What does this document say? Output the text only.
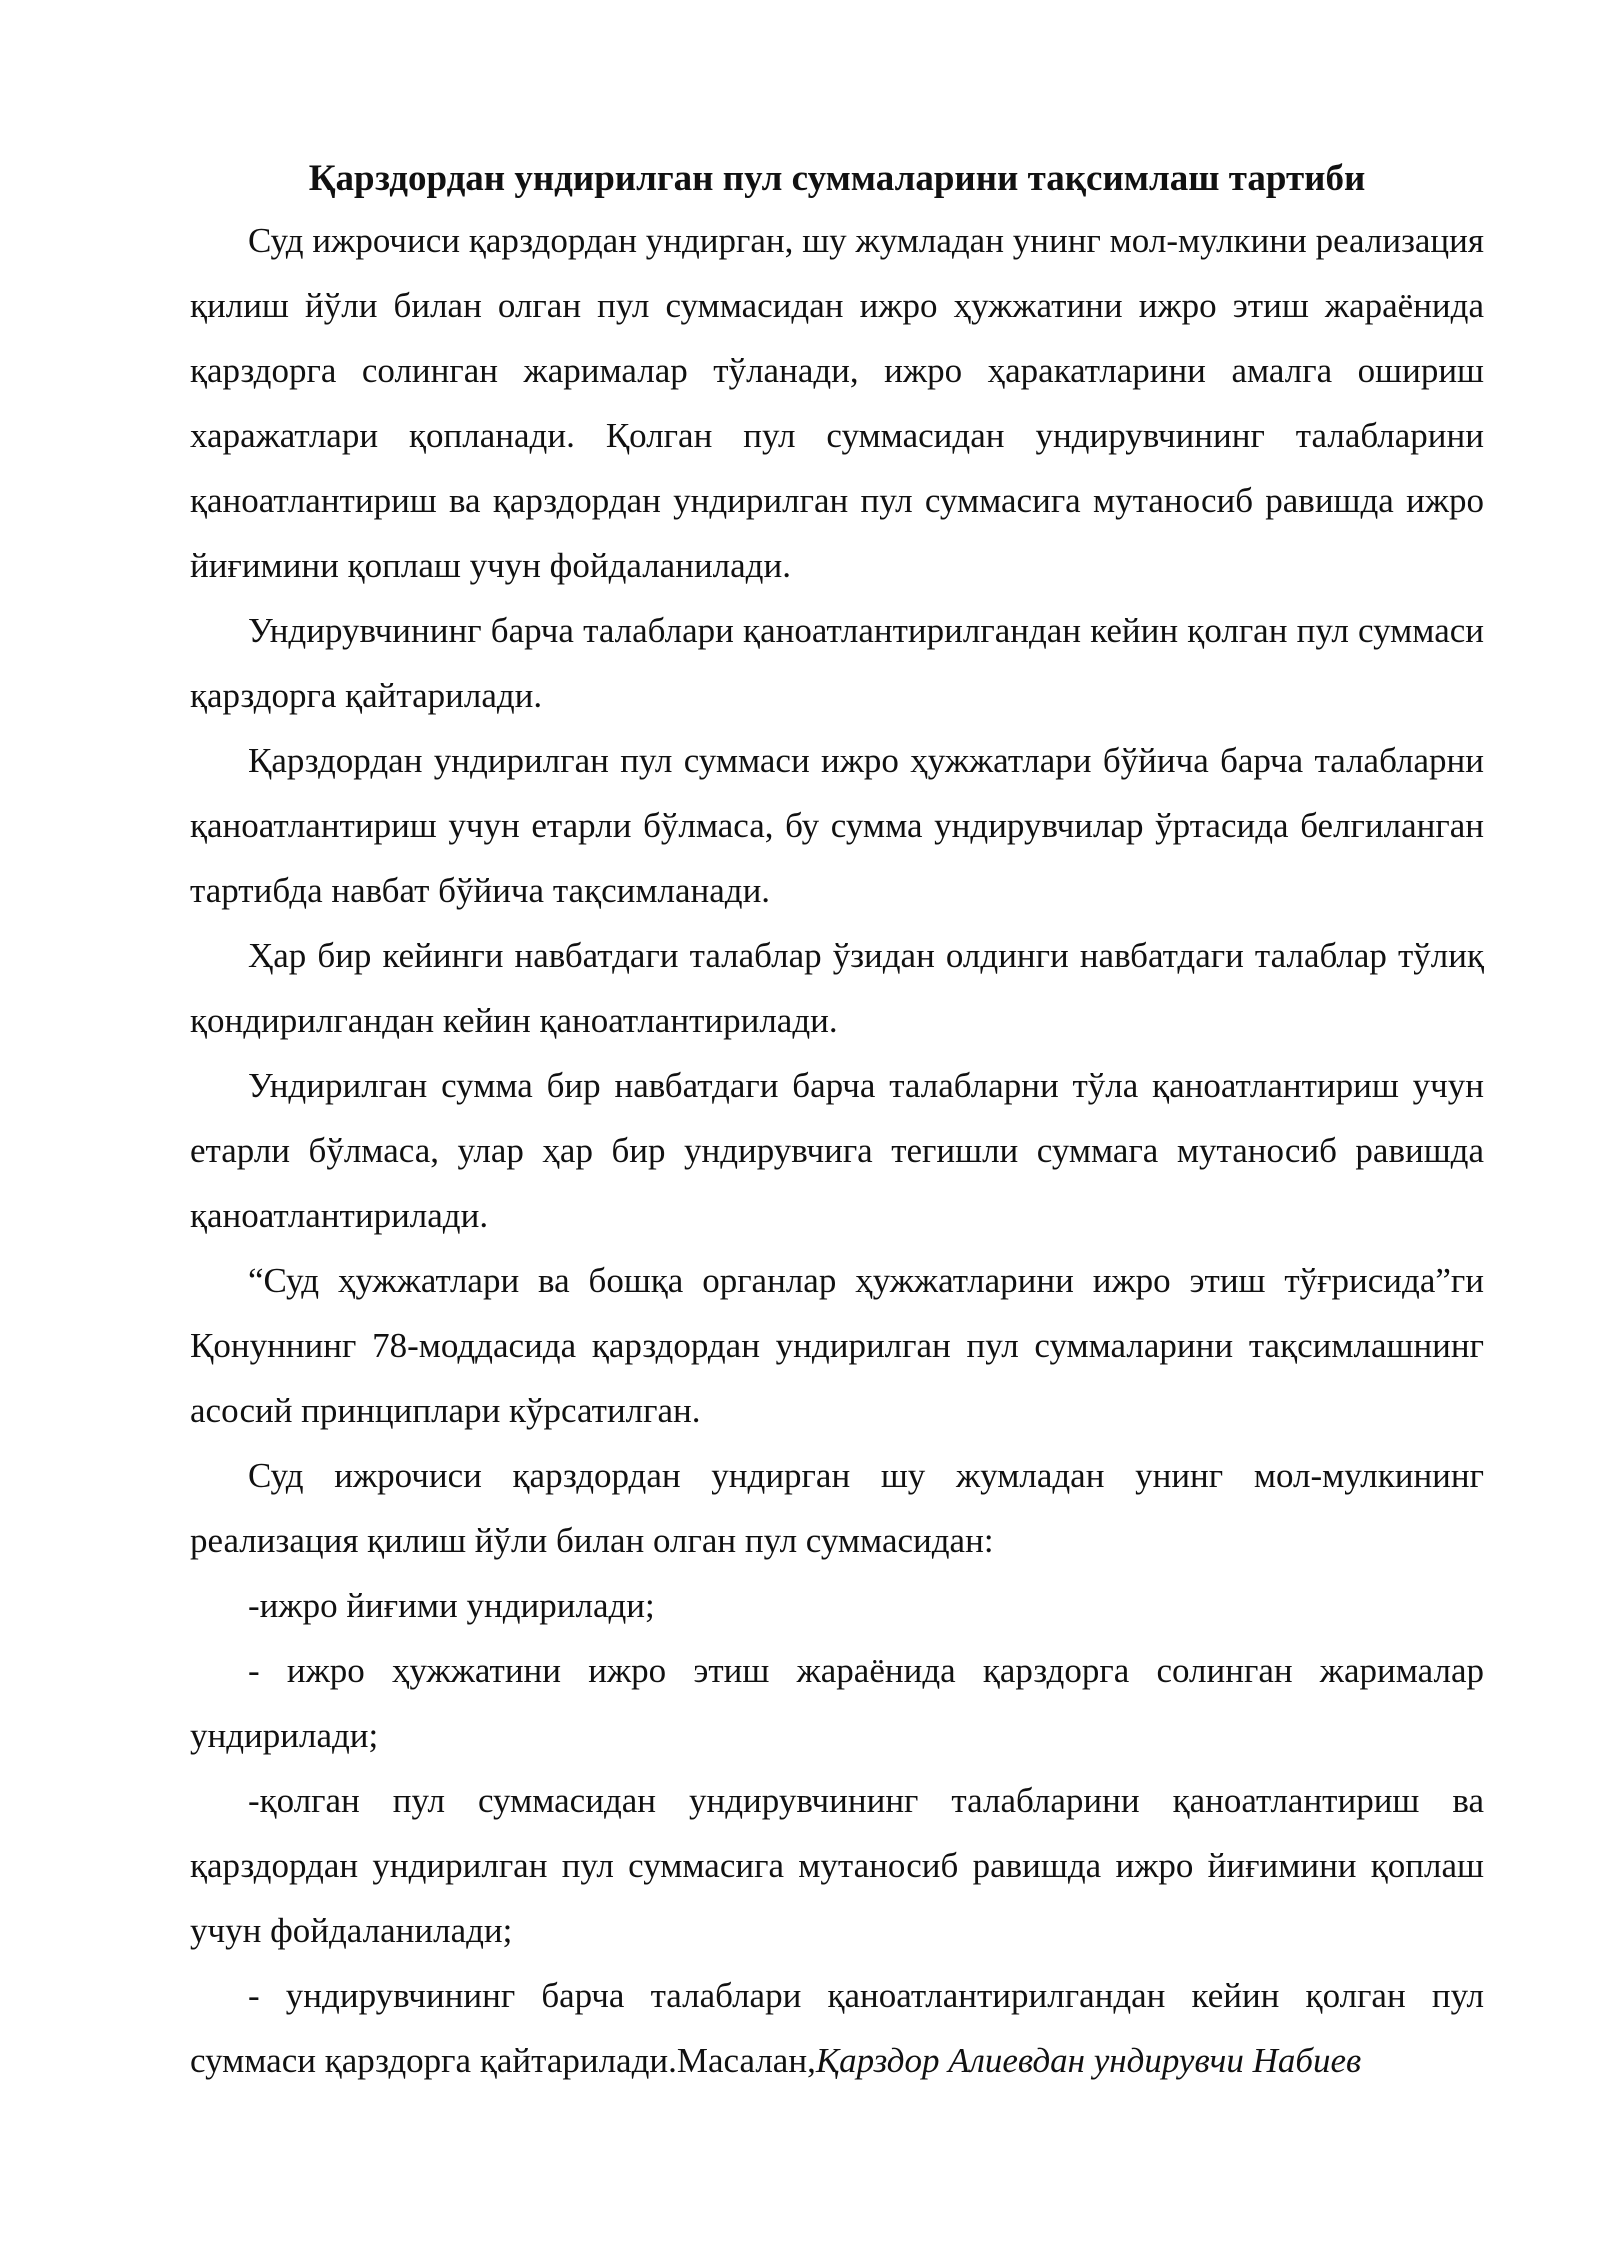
Қарздордан ундирилган пул суммаларини тақсимлаш тартиби

Суд ижрочиси қарздордан ундирган, шу жумладан унинг мол-мулкини реализация қилиш йўли билан олган пул суммасидан ижро ҳужжатини ижро этиш жараёнида қарздорга солинган жарималар тўланади, ижро ҳаракатларини амалга ошириш харажатлари қопланади. Қолган пул суммасидан ундирувчининг талабларини қаноатлантириш ва қарздордан ундирилган пул суммасига мутаносиб равишда ижро йиғимини қоплаш учун фойдаланилади.

Ундирувчининг барча талаблари қаноатлантирилгандан кейин қолган пул суммаси қарздорга қайтарилади.

Қарздордан ундирилган пул суммаси ижро ҳужжатлари бўйича барча талабларни қаноатлантириш учун етарли бўлмаса, бу сумма ундирувчилар ўртасида белгиланган тартибда навбат бўйича тақсимланади.

Ҳар бир кейинги навбатдаги талаблар ўзидан олдинги навбатдаги талаблар тўлиқ қондирилгандан кейин қаноатлантирилади.

Ундирилган сумма бир навбатдаги барча талабларни тўла қаноатлантириш учун етарли бўлмаса, улар ҳар бир ундирувчига тегишли суммага мутаносиб равишда қаноатлантирилади.

“Суд ҳужжатлари ва бошқа органлар ҳужжатларини ижро этиш тўғрисида”ги Қонуннинг 78-моддасида қарздордан ундирилган пул суммаларини тақсимлашнинг асосий принциплари кўрсатилган.

Суд ижрочиси қарздордан ундирган шу жумладан унинг мол-мулкининг реализация қилиш йўли билан олган пул суммасидан:

-ижро йиғими ундирилади;

- ижро ҳужжатини ижро этиш жараёнида қарздорга солинган жарималар ундирилади;

-қолган пул суммасидан ундирувчининг талабларини қаноатлантириш ва қарздордан ундирилган пул суммасига мутаносиб равишда ижро йиғимини қоплаш учун фойдаланилади;

- ундирувчининг барча талаблари қаноатлантирилгандан кейин қолган пул суммаси қарздорга қайтарилади.Масалан,Қарздор Алиевдан ундирувчи Набиев
